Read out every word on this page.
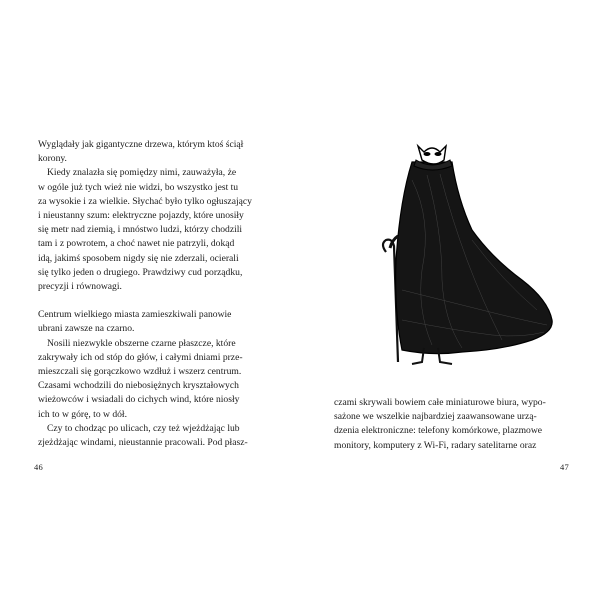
Wyglądały jak gigantyczne drzewa, którym ktoś ściął
korony.
Kiedy znalazła się pomiędzy nimi, zauważyła, że
w ogóle już tych wież nie widzi, bo wszystko jest tu
za wysokie i za wielkie. Słychać było tylko ogłuszający
i nieustanny szum: elektryczne pojazdy, które unosiły
się metr nad ziemią, i mnóstwo ludzi, którzy chodzili
tam i z powrotem, a choć nawet nie patrzyli, dokąd
idą, jakimś sposobem nigdy się nie zderzali, ocierali
się tylko jeden o drugiego. Prawdziwy cud porządku,
precyzji i równowagi.
Centrum wielkiego miasta zamieszkiwali panowie
ubrani zawsze na czarno.
Nosili niezwykle obszerne czarne płaszcze, które
zakrywały ich od stóp do głów, i całymi dniami prze-
mieszczali się gorączkowo wzdłuż i wszerz centrum.
Czasami wchodzili do niebosiężnych kryształowych
wieżowców i wsiadali do cichych wind, które niosły
ich to w górę, to w dół.
Czy to chodząc po ulicach, czy też wjeżdżając lub
zjeżdżając windami, nieustannie pracowali. Pod płasz-
46
czami skrywali bowiem całe miniaturowe biura, wypo-
sażone we wszelkie najbardziej zaawansowane urzą-
dzenia elektroniczne: telefony komórkowe, plazmowe
monitory, komputery z Wi-Fi, radary satelitarne oraz
47
